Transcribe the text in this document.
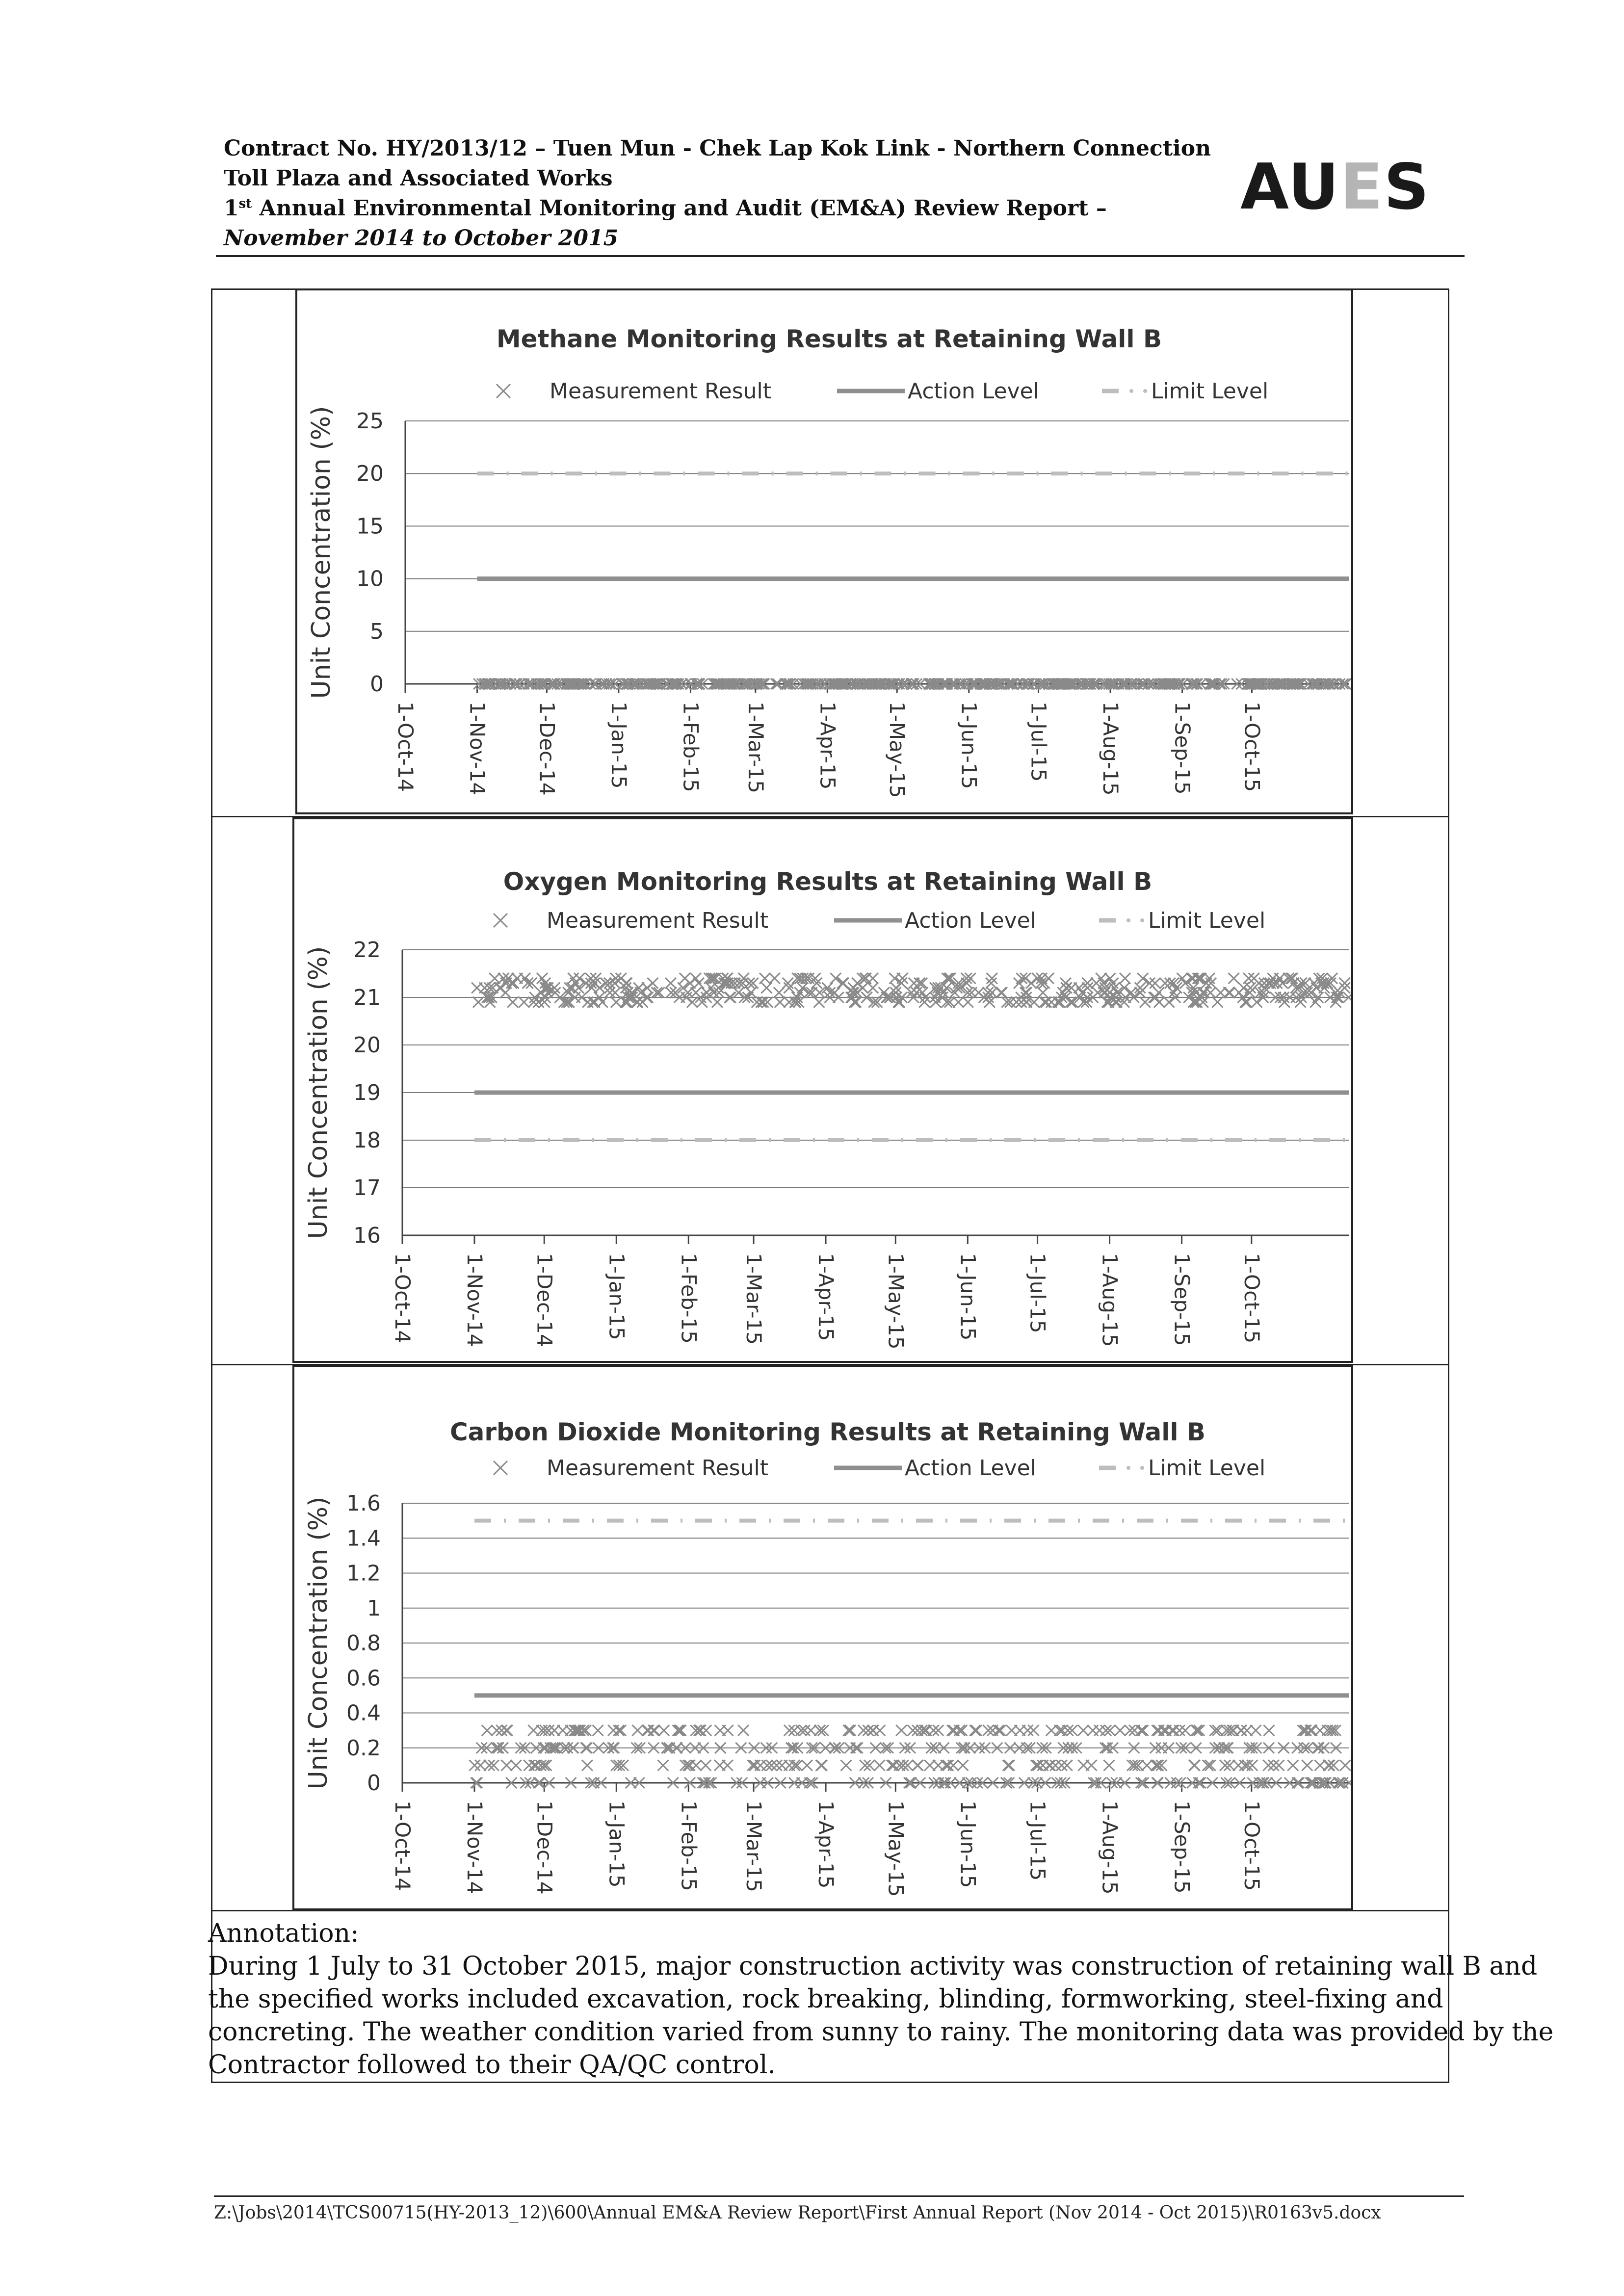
Contract No. HY/2013/12 – Tuen Mun - Chek Lap Kok Link - Northern Connection
Toll Plaza and Associated Works
1st Annual Environmental Monitoring and Audit (EM&A) Review Report –
November 2014 to October 2015
AUES
Methane Monitoring Results at Retaining Wall B
Measurement Result	Action Level	Limit Level
Unit Concentration (%) 0
5
10
15
20
25
1-Oct-14 1-Nov-14 1-Dec-14 1-Jan-15 1-Feb-15 1-Mar-15 1-Apr-15 1-May-15 1-Jun-15 1-Jul-15 1-Aug-15 1-Sep-15 1-Oct-15
Oxygen Monitoring Results at Retaining Wall B
Measurement Result	Action Level	Limit Level
Unit Concentration (%) 16
17
18
19
20
21
22
1-Oct-14 1-Nov-14 1-Dec-14 1-Jan-15 1-Feb-15 1-Mar-15 1-Apr-15 1-May-15 1-Jun-15 1-Jul-15 1-Aug-15 1-Sep-15 1-Oct-15
Carbon Dioxide Monitoring Results at Retaining Wall B
Measurement Result	Action Level	Limit Level
Unit Concentration (%) 0
0.2
0.4
0.6
0.8
1
1.2
1.4
1.6
1-Oct-14 1-Nov-14 1-Dec-14 1-Jan-15 1-Feb-15 1-Mar-15 1-Apr-15 1-May-15 1-Jun-15 1-Jul-15 1-Aug-15 1-Sep-15 1-Oct-15
Annotation:
During 1 July to 31 October 2015, major construction activity was construction of retaining wall B and
the specified works included excavation, rock breaking, blinding, formworking, steel-fixing and
concreting. The weather condition varied from sunny to rainy. The monitoring data was provided by the
Contractor followed to their QA/QC control.
Z:\Jobs\2014\TCS00715(HY-2013_12)\600\Annual EM&A Review Report\First Annual Report (Nov 2014 - Oct 2015)\R0163v5.docx
